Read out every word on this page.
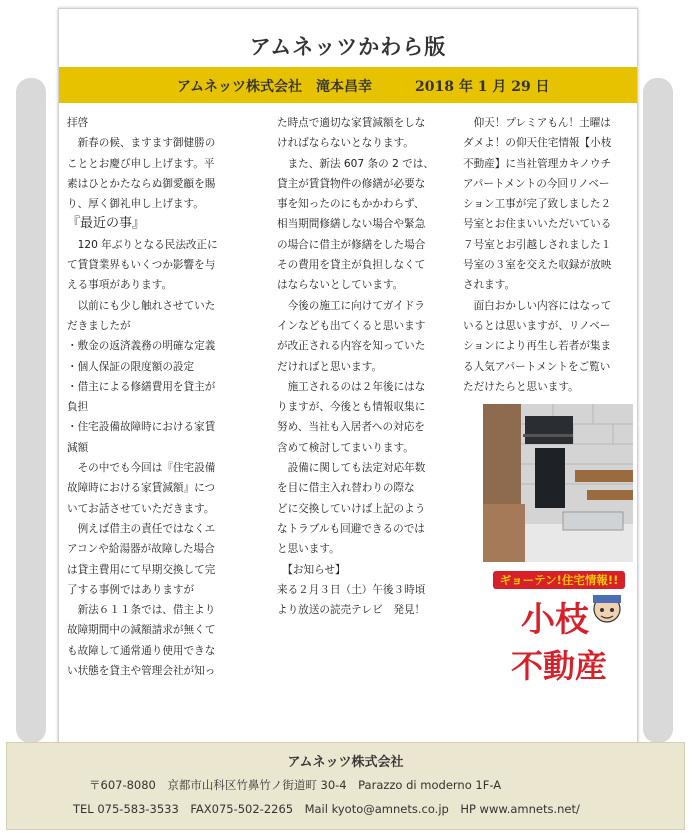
アムネッツかわら版
アムネッツ株式会社　滝本昌幸	2018 年 1 月 29 日

拝啓

　新春の候、ますます御健勝の

こととお慶び申し上げます。平

素はひとかたならぬ御愛顧を賜

り、厚く御礼申し上げます。

『最近の事』

　120 年ぶりとなる民法改正に

て賃貸業界もいくつか影響を与

える事項があります。

　以前にも少し触れさせていた

だきましたが

・敷金の返済義務の明確な定義

・個人保証の限度額の設定

・借主による修繕費用を貸主が

負担

・住宅設備故障時における家賃

減額

　その中でも今回は『住宅設備

故障時における家賃減額』につ

いてお話させていただきます。

　例えば借主の責任ではなくエ

アコンや給湯器が故障した場合

は貸主費用にて早期交換して完

了する事例ではありますが

　新法６１１条では、借主より

故障期間中の減額請求が無くて

も故障して通常通り使用できな

い状態を貸主や管理会社が知っ

た時点で適切な家賃減額をしな

ければならないとなります。

　また、新法 607 条の 2 では、

貸主が賃貸物件の修繕が必要な

事を知ったのにもかかわらず、

相当期間修繕しない場合や緊急

の場合に借主が修繕をした場合

その費用を貸主が負担しなくて

はならないとしています。

　今後の施工に向けてガイドラ

インなども出てくると思います

が改正される内容を知っていた

だければと思います。

　施工されるのは２年後にはな

りますが、今後とも情報収集に

努め、当社も入居者への対応を

含めて検討してまいります。

　設備に関しても法定対応年数

を目に借主入れ替わりの際な

どに交換していけば上記のよう

なトラブルも回避できるのでは

と思います。

　【お知らせ】

来る２月３日（土）午後３時頃

より放送の読売テレビ　発見！

　仰天！プレミアもん！土曜は

ダメよ！の仰天住宅情報【小枝

不動産】に当社管理カキノウチ

アパートメントの今回リノベー

ション工事が完了致しました２

号室とお住まいいただいている

７号室とお引越しされました１

号室の３室を交えた収録が放映

されます。

　面白おかしい内容にはなって

いるとは思いますが、リノベー

ションにより再生し若者が集ま

る人気アパートメントをご覧い

ただけたらと思います。

ギョーテン!住宅情報!!
小枝
不動産
アムネッツ株式会社
〒607-8080　京都市山科区竹鼻竹ノ街道町 30-4　Parazzo di moderno 1F-A
TEL 075-583-3533　FAX075-502-2265　Mail kyoto@amnets.co.jp　HP www.amnets.net/
